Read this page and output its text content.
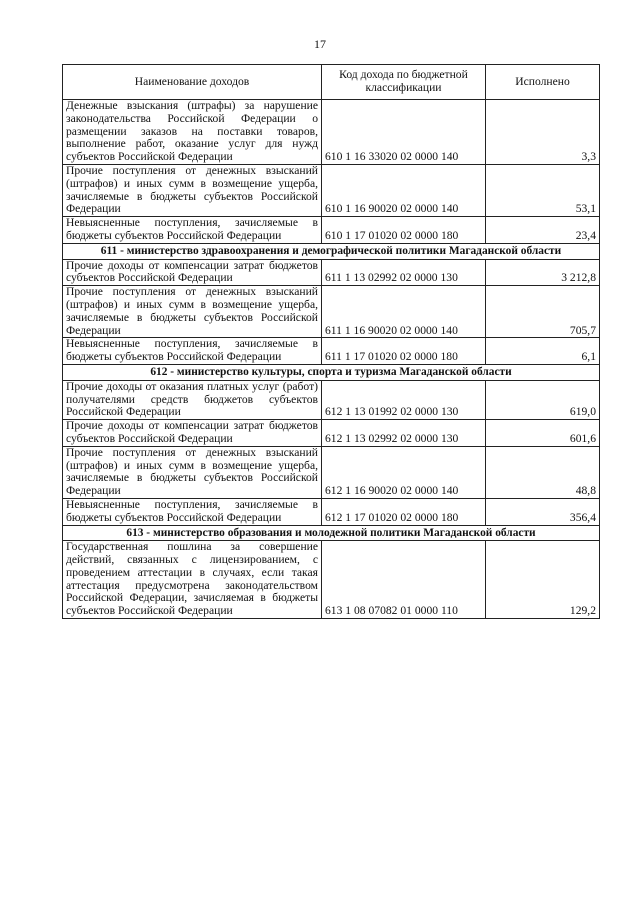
17
Наименование доходов	Код дохода по бюджетной классификации	Исполнено
Денежные взыскания (штрафы) за нарушение законодательства Российской Федерации о размещении заказов на поставки товаров, выполнение работ, оказание услуг для нужд субъектов Российской Федерации	610 1 16 33020 02 0000 140	3,3
Прочие поступления от денежных взысканий (штрафов) и иных сумм в возмещение ущерба, зачисляемые в бюджеты субъектов Российской Федерации	610 1 16 90020 02 0000 140	53,1
Невыясненные поступления, зачисляемые в бюджеты субъектов Российской Федерации	610 1 17 01020 02 0000 180	23,4
611 - министерство здравоохранения и демографической политики Магаданской области		
Прочие доходы от компенсации затрат бюджетов субъектов Российской Федерации	611 1 13 02992 02 0000 130	3 212,8
Прочие поступления от денежных взысканий (штрафов) и иных сумм в возмещение ущерба, зачисляемые в бюджеты субъектов Российской Федерации	611 1 16 90020 02 0000 140	705,7
Невыясненные поступления, зачисляемые в бюджеты субъектов Российской Федерации	611 1 17 01020 02 0000 180	6,1
612 - министерство культуры, спорта и туризма Магаданской области		
Прочие доходы от оказания платных услуг (работ) получателями средств бюджетов субъектов Российской Федерации	612 1 13 01992 02 0000 130	619,0
Прочие доходы от компенсации затрат бюджетов субъектов Российской Федерации	612 1 13 02992 02 0000 130	601,6
Прочие поступления от денежных взысканий (штрафов) и иных сумм в возмещение ущерба, зачисляемые в бюджеты субъектов Российской Федерации	612 1 16 90020 02 0000 140	48,8
Невыясненные поступления, зачисляемые в бюджеты субъектов Российской Федерации	612 1 17 01020 02 0000 180	356,4
613 - министерство образования и молодежной политики Магаданской области		
Государственная пошлина за совершение действий, связанных с лицензированием, с проведением аттестации в случаях, если такая аттестация предусмотрена законодательством Российской Федерации, зачисляемая в бюджеты субъектов Российской Федерации	613 1 08 07082 01 0000 110	129,2
